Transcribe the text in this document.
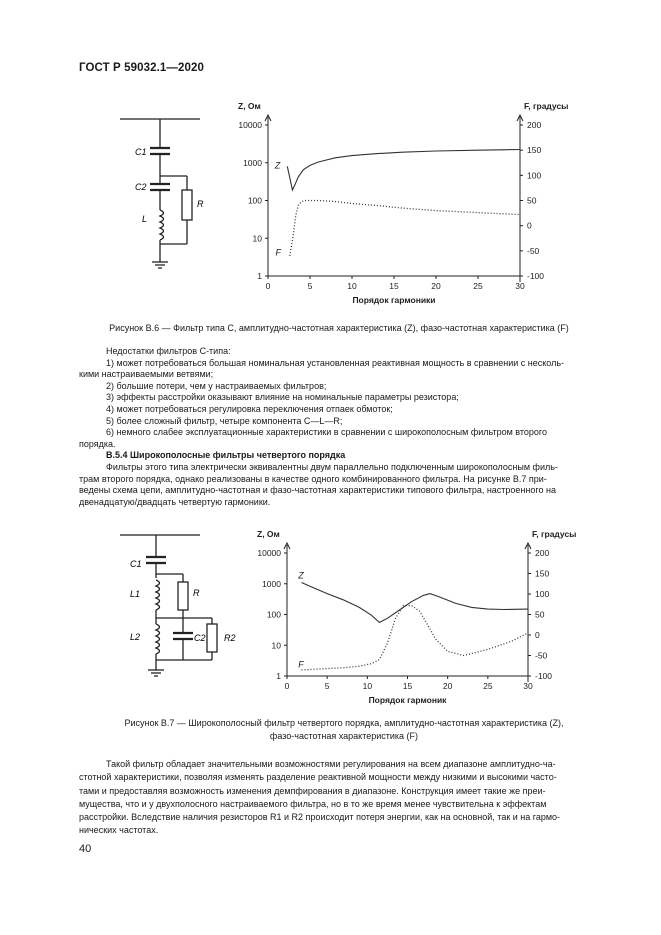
ГОСТ Р 59032.1—2020
C1
C2
L
R
10000
1000
100
10
1
200
150
100
50
0
-50
-100
0	5	10	15	20	25	30
Z, Ом	F, градусы
Порядок гармоники
Z
F
Рисунок В.6 — Фильтр типа С, амплитудно-частотная характеристика (Z), фазо-частотная характеристика (F)

Недостатки фильтров С-типа:

1) может потребоваться большая номинальная установленная реактивная мощность в сравнении с несколь-

кими настраиваемыми ветвями;

2) большие потери, чем у настраиваемых фильтров;

3) эффекты расстройки оказывают влияние на номинальные параметры резистора;

4) может потребоваться регулировка переключения отпаек обмоток;

5) более сложный фильтр, четыре компонента С—L—R;

6) немного слабее эксплуатационные характеристики в сравнении с широкополосным фильтром второго

порядка.

В.5.4 Широкополосные фильтры четвертого порядка

Фильтры этого типа электрически эквивалентны двум параллельно подключенным широкополосным филь-

трам второго порядка, однако реализованы в качестве одного комбинированного фильтра. На рисунке В.7 при-

ведены схема цепи, амплитудно-частотная и фазо-частотная характеристики типового фильтра, настроенного на

двенадцатую/двадцать четвертую гармоники.

C1
L1	R
L2	C2 R2
10000
1000
100
10
1
200
150
100
50
0
-50
-100
0	5	10	15	20	25	30
Z, Ом	F, градусы
Порядок гармоник
Z
F
Рисунок В.7 — Широкополосный фильтр четвертого порядка, амплитудно-частотная характеристика (Z),
фазо-частотная характеристика (F)

Такой фильтр обладает значительными возможностями регулирования на всем диапазоне амплитудно-ча-

стотной характеристики, позволяя изменять разделение реактивной мощности между низкими и высокими часто-

тами и предоставляя возможность изменения демпфирования в диапазоне. Конструкция имеет такие же преи-

мущества, что и у двухполосного настраиваемого фильтра, но в то же время менее чувствительна к эффектам

расстройки. Вследствие наличия резисторов R1 и R2 происходит потеря энергии, как на основной, так и на гармо-

нических частотах.

40
